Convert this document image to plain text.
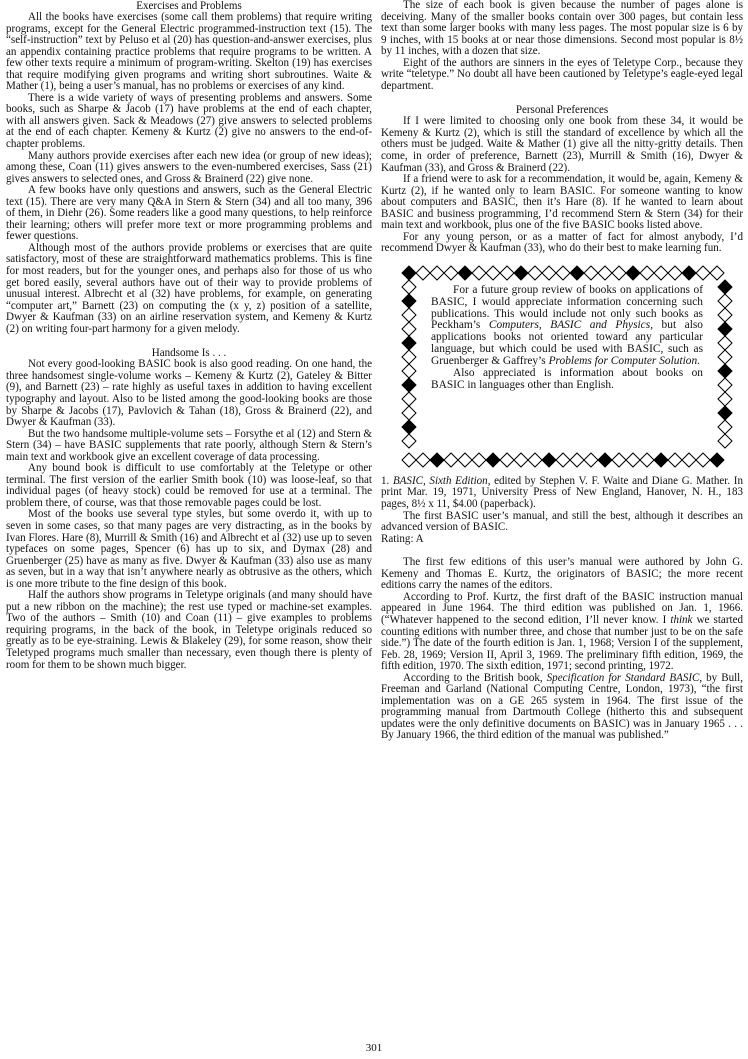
Exercises and Problems

All the books have exercises (some call them problems) that require writing programs, except for the General Electric programmed-instruction text (15). The “self-instruction” text by Peluso et al (20) has question-and-answer exercises, plus an appendix containing practice problems that require programs to be written. A few other texts require a minimum of program-writing. Skelton (19) has exercises that require modifying given programs and writing short subroutines. Waite & Mather (1), being a user’s manual, has no problems or exercises of any kind.

There is a wide variety of ways of presenting problems and answers. Some books, such as Sharpe & Jacob (17) have problems at the end of each chapter, with all answers given. Sack & Meadows (27) give answers to selected problems at the end of each chapter. Kemeny & Kurtz (2) give no answers to the end-of-chapter problems.

Many authors provide exercises after each new idea (or group of new ideas); among these, Coan (11) gives answers to the even-numbered exercises, Sass (21) gives answers to selected ones, and Gross & Brainerd (22) give none.

A few books have only questions and answers, such as the General Electric text (15). There are very many Q&A in Stern & Stern (34) and all too many, 396 of them, in Diehr (26). Some readers like a good many questions, to help reinforce their learning; others will prefer more text or more programming problems and fewer questions.

Although most of the authors provide problems or exercises that are quite satisfactory, most of these are straightforward mathematics problems. This is fine for most readers, but for the younger ones, and perhaps also for those of us who get bored easily, several authors have out of their way to provide problems of unusual interest. Albrecht et al (32) have problems, for example, on generating “computer art,” Barnett (23) on computing the (x y, z) position of a satellite, Dwyer & Kaufman (33) on an airline reservation system, and Kemeny & Kurtz (2) on writing four-part harmony for a given melody.

Handsome Is . . .

Not every good-looking BASIC book is also good reading. On one hand, the three handsomest single-volume works – Kemeny & Kurtz (2), Gateley & Bitter (9), and Barnett (23) – rate highly as useful taxes in addition to having excellent typography and layout. Also to be listed among the good-looking books are those by Sharpe & Jacobs (17), Pavlovich & Tahan (18), Gross & Brainerd (22), and Dwyer & Kaufman (33).

But the two handsome multiple-volume sets – Forsythe et al (12) and Stern & Stern (34) – have BASIC supplements that rate poorly, although Stern & Stern’s main text and workbook give an excellent coverage of data processing.

Any bound book is difficult to use comfortably at the Teletype or other terminal. The first version of the earlier Smith book (10) was loose-leaf, so that individual pages (of heavy stock) could be removed for use at a terminal. The problem there, of course, was that those removable pages could be lost.

Most of the books use several type styles, but some overdo it, with up to seven in some cases, so that many pages are very distracting, as in the books by Ivan Flores. Hare (8), Murrill & Smith (16) and Albrecht et al (32) use up to seven typefaces on some pages, Spencer (6) has up to six, and Dymax (28) and Gruenberger (25) have as many as five. Dwyer & Kaufman (33) also use as many as seven, but in a way that isn’t anywhere nearly as obtrusive as the others, which is one more tribute to the fine design of this book.

Half the authors show programs in Teletype originals (and many should have put a new ribbon on the machine); the rest use typed or machine-set examples. Two of the authors – Smith (10) and Coan (11) – give examples to problems requiring programs, in the back of the book, in Teletype originals reduced so greatly as to be eye-straining. Lewis & Blakeley (29), for some reason, show their Teletyped programs much smaller than necessary, even though there is plenty of room for them to be shown much bigger.

The size of each book is given because the number of pages alone is deceiving. Many of the smaller books contain over 300 pages, but contain less text than some larger books with many less pages. The most popular size is 6 by 9 inches, with 15 books at or near those dimensions. Second most popular is 8½ by 11 inches, with a dozen that size.

Eight of the authors are sinners in the eyes of Teletype Corp., because they write “teletype.” No doubt all have been cautioned by Teletype’s eagle-eyed legal department.

Personal Preferences

If I were limited to choosing only one book from these 34, it would be Kemeny & Kurtz (2), which is still the standard of excellence by which all the others must be judged. Waite & Mather (1) give all the nitty-gritty details. Then come, in order of preference, Barnett (23), Murrill & Smith (16), Dwyer & Kaufman (33), and Gross & Brainerd (22).

If a friend were to ask for a recommendation, it would be, again, Kemeny & Kurtz (2), if he wanted only to learn BASIC. For someone wanting to know about computers and BASIC, then it’s Hare (8). If he wanted to learn about BASIC and business programming, I’d recommend Stern & Stern (34) for their main text and workbook, plus one of the five BASIC books listed above.

For any young person, or as a matter of fact for almost anybody, I’d recommend Dwyer & Kaufman (33), who do their best to make learning fun.

For a future group review of books on applications of BASIC, I would appreciate information concerning such publications. This would include not only such books as Peckham’s Computers, BASIC and Physics, but also applications books not oriented toward any particular language, but which could be used with BASIC, such as Gruenberger & Gaffrey’s Problems for Computer Solution.

Also appreciated is information about books on BASIC in languages other than English.

1. BASIC, Sixth Edition, edited by Stephen V. F. Waite and Diane G. Mather. In print Mar. 19, 1971, University Press of New England, Hanover, N. H., 183 pages, 8½ x 11, $4.00 (paperback).

The first BASIC user’s manual, and still the best, although it describes an advanced version of BASIC.

Rating: A

The first few editions of this user’s manual were authored by John G. Kemeny and Thomas E. Kurtz, the originators of BASIC; the more recent editions carry the names of the editors.

According to Prof. Kurtz, the first draft of the BASIC instruction manual appeared in June 1964. The third edition was published on Jan. 1, 1966. (“Whatever happened to the second edition, I’ll never know. I think we started counting editions with number three, and chose that number just to be on the safe side.”) The date of the fourth edition is Jan. 1, 1968; Version I of the supplement, Feb. 28, 1969; Version II, April 3, 1969. The preliminary fifth edition, 1969, the fifth edition, 1970. The sixth edition, 1971; second printing, 1972.

According to the British book, Specification for Standard BASIC, by Bull, Freeman and Garland (National Computing Centre, London, 1973), “the first implementation was on a GE 265 system in 1964. The first issue of the programming manual from Dartmouth College (hitherto this and subsequent updates were the only definitive documents on BASIC) was in January 1965 . . . By January 1966, the third edition of the manual was published.”

301
